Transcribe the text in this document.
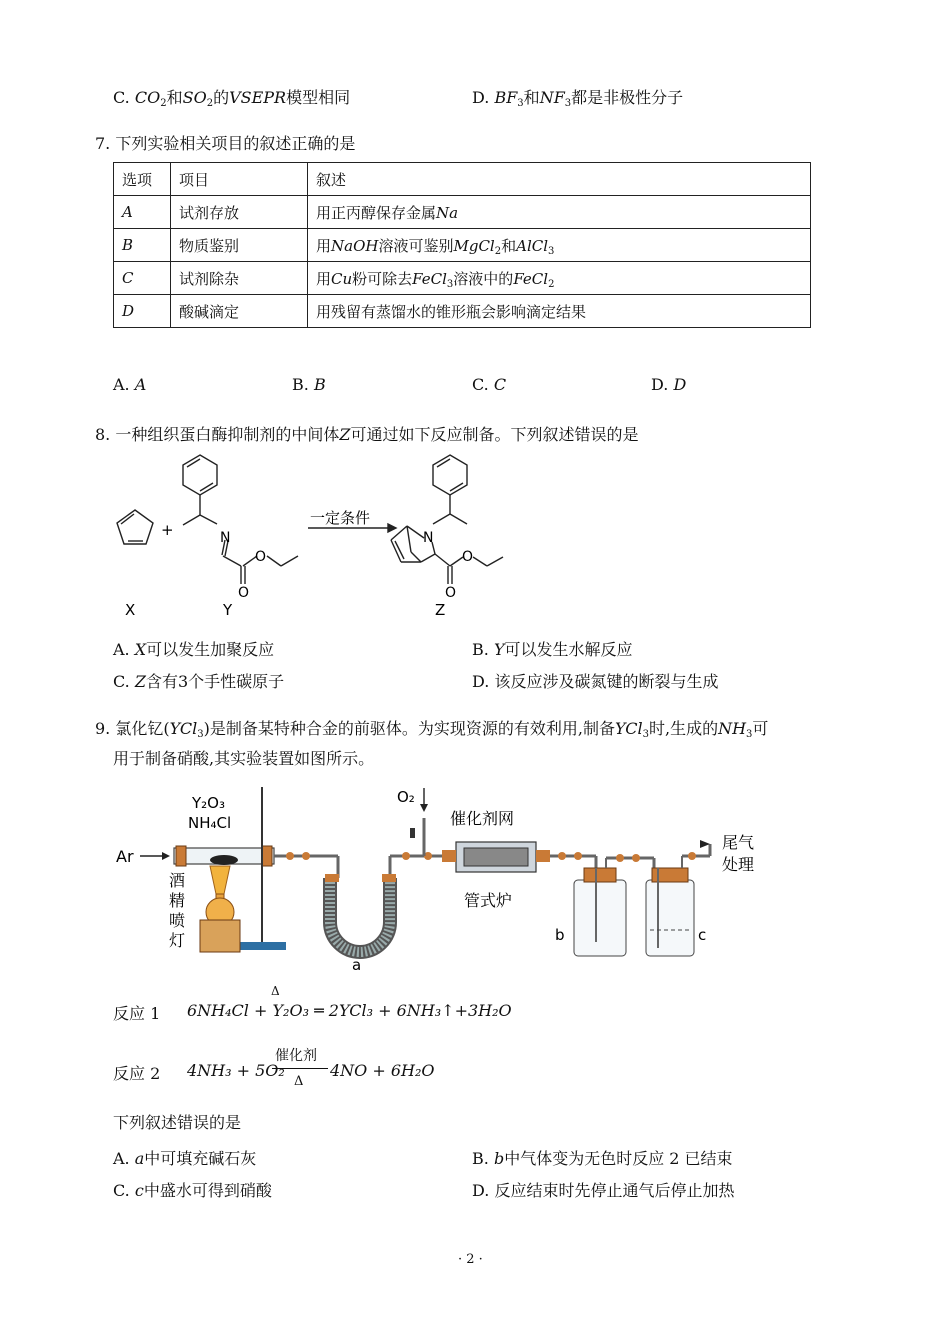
C. $CO_2$和$SO_2$的VSEPR模型相同	D. $BF_3$和$NF_3$都是非极性分子
7. 下列实验相关项目的叙述正确的是
选项	项目	叙述
A	试剂存放	用正丙醇保存金属Na
B	物质鉴别	用NaOH溶液可鉴别MgCl$_2$和AlCl$_3$
C	试剂除杂	用Cu粉可除去FeCl$_3$溶液中的FeCl$_2$
D	酸碱滴定	用残留有蒸馏水的锥形瓶会影响滴定结果
A. A	B. B	C. C	D. D
8. 一种组织蛋白酶抑制剂的中间体Z可通过如下反应制备。下列叙述错误的是
+	N
O
O
一定条件
N
O
O
X	Y	Z
A. X可以发生加聚反应	B. Y可以发生水解反应
C. Z含有3个手性碳原子	D. 该反应涉及碳氮键的断裂与生成
9. 氯化钇(YCl$_3$)是制备某特种合金的前驱体。为实现资源的有效利用,制备YCl$_3$时,生成的$NH_3$可
用于制备硝酸,其实验装置如图所示。
Ar
Y₂O₃
NH₄Cl
酒
精
喷
灯
a
O₂
催化剂网
管式炉
b	c
尾气
处理
反应 1 6NH₄Cl + Y₂O₃ ═ 2YCl₃ + 6NH₃↑+3H₂O
Δ
反应 2 4NH₃ + 5O₂
催化剂
Δ
4NO + 6H₂O
下列叙述错误的是
A. a中可填充碱石灰	B. b中气体变为无色时反应 2 已结束
C. c中盛水可得到硝酸	D. 反应结束时先停止通气后停止加热
· 2 ·
